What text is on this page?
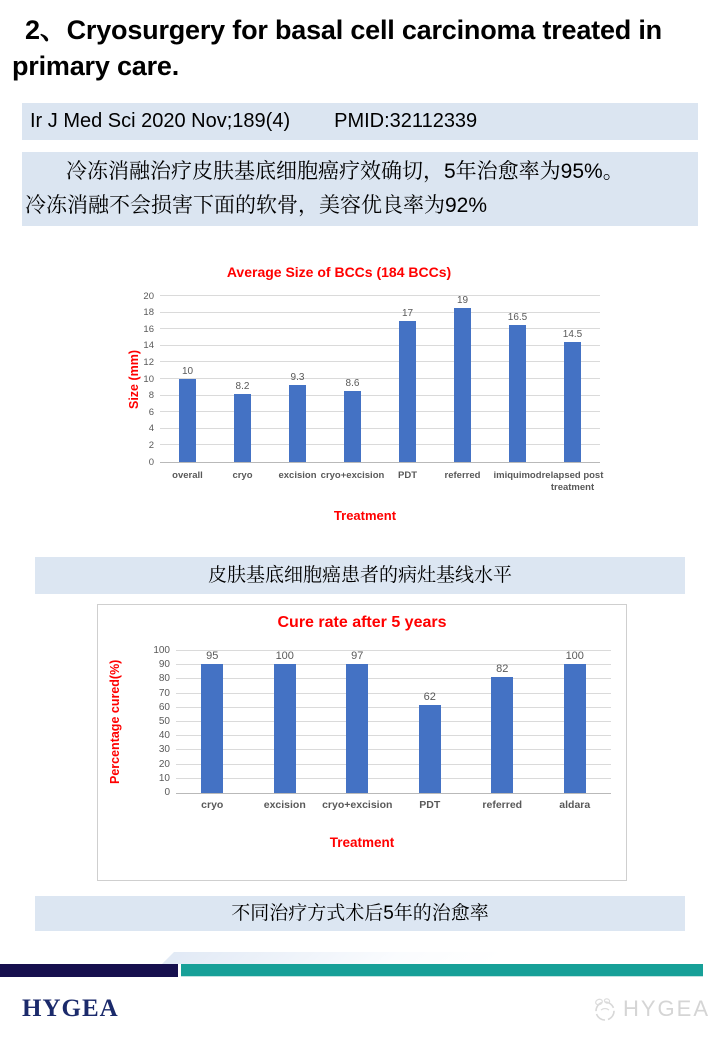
2、Cryosurgery for basal cell carcinoma treated in
primary care.
Ir J Med Sci 2020 Nov;189(4) PMID:32112339
冷冻消融治疗皮肤基底细胞癌疗效确切，5年治愈率为95%。
冷冻消融不会损害下面的软骨，美容优良率为92%
Average Size of BCCs (184 BCCs)
Size (mm)
0
2
4
6
8
10
12
14
16
18
20
10
8.2
9.3
8.6
17
19
16.5
14.5
overall	cryo	excision cryo+excision	PDT	referred	imiquimod relapsed post treatment
Treatment
皮肤基底细胞癌患者的病灶基线水平
Cure rate after 5 years
Percentage cured(%)
0
10
20
30
40
50
60
70
80
90
100	95	100	97
62
82
100
cryo	excision	cryo+excision	PDT	referred	aldara
Treatment
不同治疗方式术后5年的治愈率
HYGEA	HYGEA
